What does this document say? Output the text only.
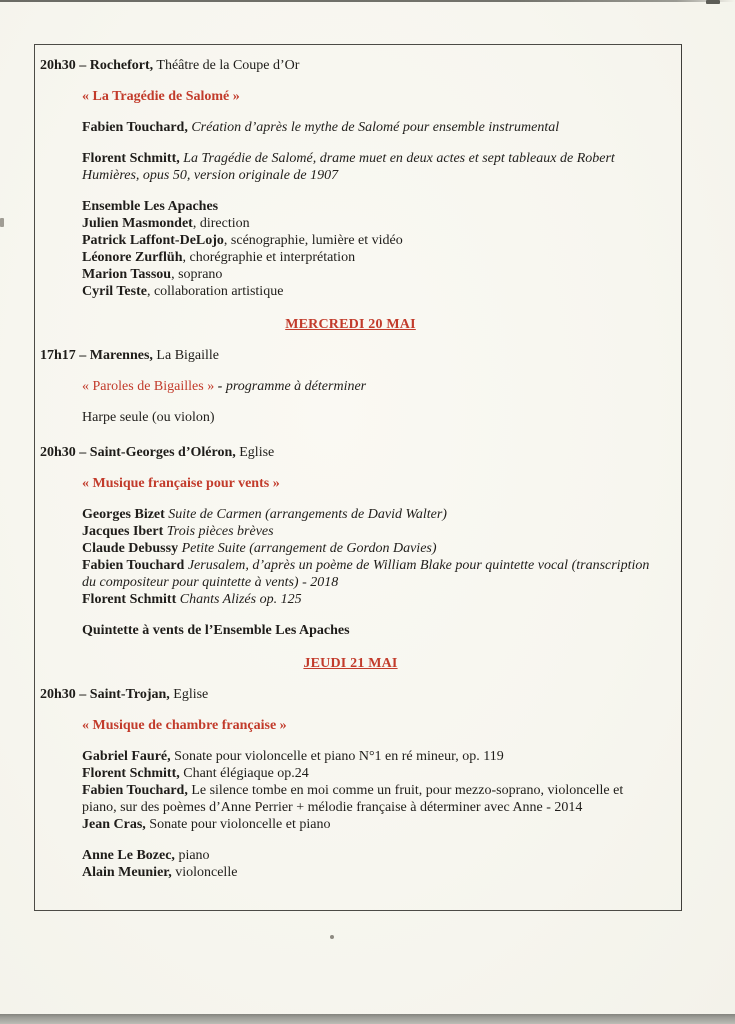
20h30 – Rochefort, Théâtre de la Coupe d’Or

« La Tragédie de Salomé »

Fabien Touchard, Création d’après le mythe de Salomé pour ensemble instrumental

Florent Schmitt, La Tragédie de Salomé, drame muet en deux actes et sept tableaux de Robert Humières, opus 50, version originale de 1907

Ensemble Les Apaches
Julien Masmondet, direction
Patrick Laffont-DeLojo, scénographie, lumière et vidéo
Léonore Zurflüh, chorégraphie et interprétation
Marion Tassou, soprano
Cyril Teste, collaboration artistique
MERCREDI 20 MAI

17h17 – Marennes, La Bigaille

« Paroles de Bigailles » - programme à déterminer

Harpe seule (ou violon)

20h30 – Saint-Georges d’Oléron, Eglise

« Musique française pour vents »

Georges Bizet Suite de Carmen (arrangements de David Walter)
Jacques Ibert Trois pièces brèves
Claude Debussy Petite Suite (arrangement de Gordon Davies)
Fabien Touchard Jerusalem, d’après un poème de William Blake pour quintette vocal (transcription du compositeur pour quintette à vents) - 2018
Florent Schmitt Chants Alizés op. 125

Quintette à vents de l’Ensemble Les Apaches

JEUDI 21 MAI

20h30 – Saint-Trojan, Eglise

« Musique de chambre française »

Gabriel Fauré, Sonate pour violoncelle et piano N°1 en ré mineur, op. 119
Florent Schmitt, Chant élégiaque op.24
Fabien Touchard, Le silence tombe en moi comme un fruit, pour mezzo-soprano, violoncelle et piano, sur des poèmes d’Anne Perrier + mélodie française à déterminer avec Anne - 2014
Jean Cras, Sonate pour violoncelle et piano
Anne Le Bozec, piano
Alain Meunier, violoncelle
